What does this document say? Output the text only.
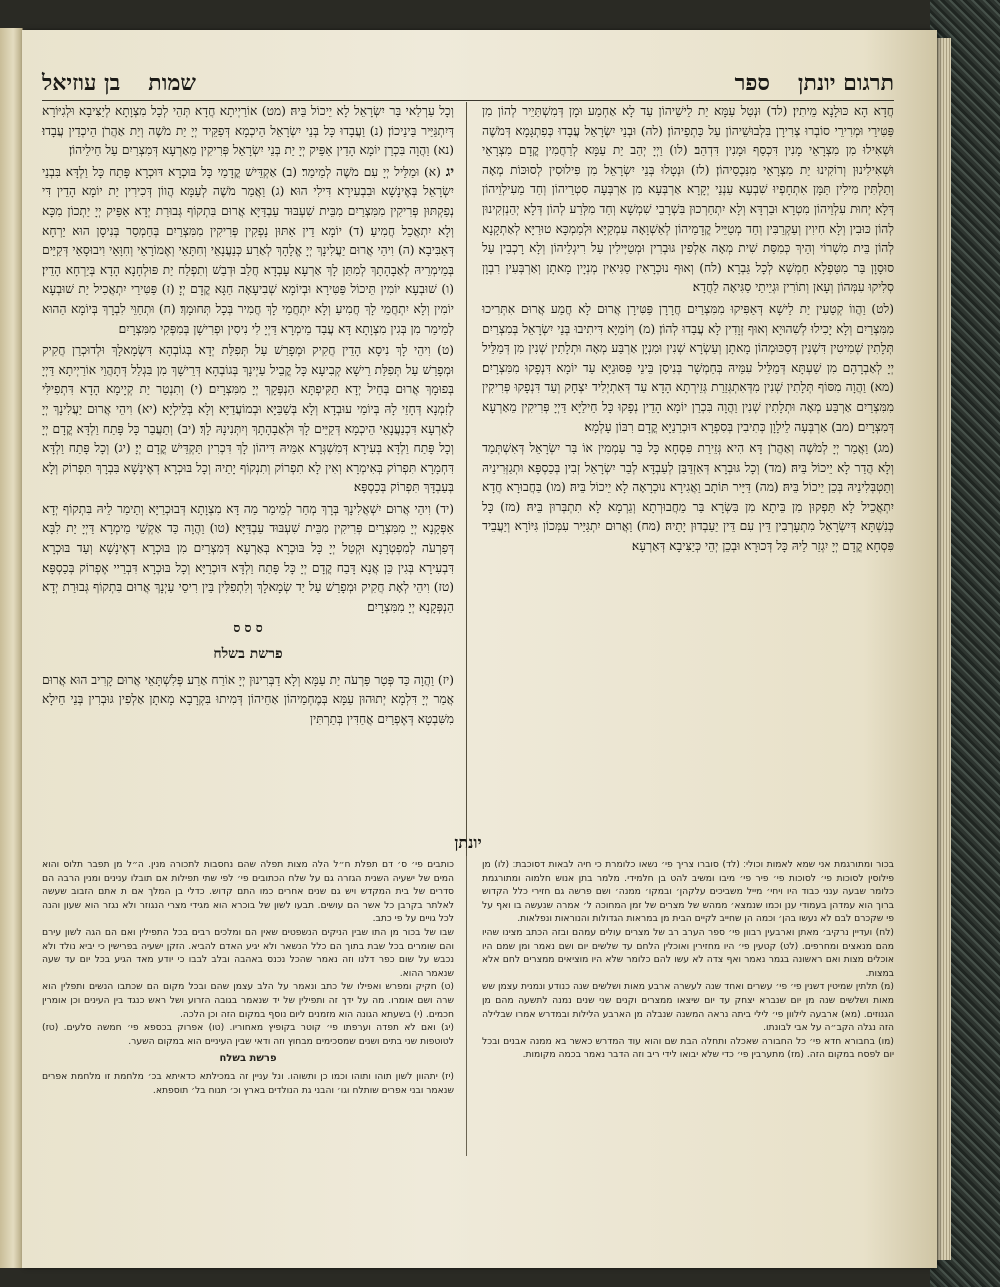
תרגום יונתן
ספר
שמות
בן עוזיאל

חֲדָא הָא כּוּלָנָא מֵיתִין׃ (לד) וּנְטַל עַמָּא יַת לֵישֵׁיהוֹן עַד לָא אַחְמַע וּמָן דְּמִשְׁתַּיֵיר לְהוֹן מִן פַּטִּירֵי וּמְרִירֵי סוֹבְרוּ צְרִירָן בִּלְבוּשֵׁיהוֹן עַל כַּתְפֵיהוֹן׃ (לה) וּבְנֵי יִשְׂרָאֵל עֲבָדוּ כְּפִתְגָּמָא דְּמֹשֶׁה וּשְׁאִילוּ מִן מִצְרָאֵי מָנִין דִּכְסַף וּמָנִין דִּדְהַב׃ (לו) וַיְיָ יְהַב יַת עַמָּא לְרַחֲמִין קֳדָם מִצְרָאֵי וּשְׁאִילִינוּן וְרוֹקִינוּ יַת מִצְרָאֵי מִנִּכְסֵיהוֹן׃ (לז) וּנְטָלוּ בְּנֵי יִשְׂרָאֵל מִן פִּילוּסִין לְסוּכּוֹת מְאָה וְתַלְתִּין מִילִין תַּמָּן אִתְחָפְיוּ שִׁבְעָא עַנְנֵי יְקָרָא אַרְבְּעָא מִן אַרְבְּעָה סִטְרֵיהוֹן וְחַד מֵעִילְוֵיהוֹן דְּלָא יְחוּת עִלְוֵיהוֹן מִטְרָא וּבַרְדָּא וְלָא יִתְחַרְכוּן בִּשְׁרָבֵי שִׁמְשָׁא וְחַד מִלְּרַע לְהוֹן דְּלָא יְהַנְזְקִינוּן לְהוֹן כּוּבִין וְלָא חִיוִין וְעַקְרַבִּין וְחַד מְטַיֵּיל קֳדָמֵיהוֹן לְאַשְׁוָאָה עִמְקַיָּא וּלְמַמְכָּא טוּרַיָּא לְאַתְקָנָא לְהוֹן בֵּית מִשְׁרוֹי וְהֵיךְ כְּמִסַּת שִׁית מְאָה אַלְפִין גּוּבְרִין וּמְטַיְּילִין עַל רִיגְלֵיהוֹן וְלָא רָכְבִין עַל סוּסָוָן בַּר מִטַּפְלָא חַמְשָׁא לְכָל גַּבְרָא׃ (לח) וְאוּף נוּכְרָאִין סַגִּיאִין מְנְיָין מָאתָן וְאַרְבְּעִין רִבְוָן סְלִיקוּ עִמְּהוֹן וְעָאן וְתוֹרִין וּגְיֵיתֵי סַגִּיאָה לַחֲדָא׃

(לט) וַהֲווֹ קְטַעִין יַת לֵישָׁא דְּאַפִּיקוּ מִמִּצְרַיִם חֲרָרָן פַּטִּירָן אֲרוּם לָא חֲמַע אֲרוּם אִתְּרִיכוּ מִמִּצְרַיִם וְלָא יָכִילוּ לְשִׁהוּיָא וְאוּף זְוָדִין לָא עֲבַדוּ לְהוֹן׃ (מ) וְיוֹמַיָּא דִּיתִיבוּ בְּנֵי יִשְׂרָאֵל בְּמִצְרַיִם תְּלָתִין שְׁמִיטִין דִּשְׁנִין דְּסַכּוּמְהוֹן מָאתָן וְעַשְׂרָא שְׁנִין וּמִנְיָן אַרְבַּע מְאָה וּתְלָתִין שְׁנִין מִן דְּמַלֵּיל יְיָ לְאַבְרָהָם מִן שַׁעְתָּא דְּמַלֵּיל עִמֵּיהּ בְּחַמְשָׁר בְּנִיסַן בֵּינֵי פַּסּוּגַיָּא עַד יוֹמָא דִּנְפָקוּ מִמִּצְרָיִם׃ (מא) וַהֲוָה מִסּוֹף תְּלָתִין שְׁנִין מִדְּאִתְגְּזַרַת גְּזֵירְתָא הָדָא עַד דְּאִתְיְלִיד יִצְחָק וְעַד דִּנְפָקוּ פְּרִיקִין מִמִּצְרַיִם אַרְבַּע מְאָה וּתְלָתִין שְׁנִין וַהֲוָה בִּכְרַן יוֹמָא הָדֵין נְפָקוּ כָּל חֵילַיָּא דַּיְיָ פְּרִיקִין מֵאַרְעָא דְּמִצְרָיִם׃ (מב) אַרְבְּעָה לֵילָוָן כְּתִיבִין בְּסִפְרָא דּוּכְרַנַיָּא קֳדָם רִבּוֹן עָלְמָא׃

(מג) וַאֲמַר יְיָ לְמֹשֶׁה וְאַהֲרֹן דָּא הִיא גְּזֵירַת פִּסְחָא כָּל בַּר עַמְמִין אוֹ בַּר יִשְׂרָאֵל דְּאִשְׁתְּמַד וְלָא הֲדַר לָא יֵיכוֹל בֵּיהּ׃ (מד) וְכָל גּוּבְרָא דְּאִזְדַּבַּן לְעַבְדָּא לְבַר יִשְׂרָאֵל זְבִין בְּכַסְפָּא וּתְגַזְּרִינֵיהּ וְתַטְבְּלִינֵיהּ בְּכֵן יֵיכוֹל בֵּיהּ׃ (מה) דַּיָּיר תּוֹתָב וַאֲגִירָא נוּכְרָאָה לָא יֵיכוֹל בֵּיהּ׃ (מו) בַּחֲבוּרָא חֲדָא יִתְאֲכֵיל לָא תַּפְקוּן מִן בֵּיתָא מִן בִּשְׂרָא בַּר מֵחֲבוּרְתָא וְגַרְמָא לָא תִתְבְּרוּן בֵּיהּ׃ (מז) כָּל כְּנִשְׁתָּא דְּיִשְׂרָאֵל מִתְעָרְבִין דֵּין עִם דֵּין יַעַבְדוּן יָתֵיהּ׃ (מח) וַאֲרוּם יִתְגַּיַּיר עִמְּכוֹן גִּיּוֹרָא וְיַעֲבֵיד פִּסְחָא קֳדָם יְיָ יִגְזַר לֵיהּ כָּל דְּכוּרָא וּבְכֵן יְהֵי כְּיַצִּיבָא דְּאַרְעָא׃

וְכָל עַרְלַאי בַּר יִשְׂרָאֵל לָא יֵיכוֹל בֵּיהּ׃ (מט) אוֹרַיְיתָא חֲדָא תְּהֵי לְכָל מִצְוָתָא לְיַצִּיבָא וּלְגִיּוֹרָא דְּיִתְגַּיַּיר בֵּינֵיכוֹן׃ (נ) וַעֲבָדוּ כָּל בְּנֵי יִשְׂרָאֵל הֵיכְמָא דְּפַקֵּיד יְיָ יַת מֹשֶׁה וְיַת אַהֲרֹן הֵיכְדֵין עֲבָדוּ׃ (נא) וַהֲוָה בִּכְרַן יוֹמָא הָדֵין אַפֵּיק יְיָ יַת בְּנֵי יִשְׂרָאֵל פְּרִיקִין מֵאַרְעָא דְּמִצְרַיִם עַל חֵילֵיהוֹן׃

יג (א) וּמַלֵּיל יְיָ עִם מֹשֶׁה לְמֵימַר׃ (ב) אַקְדֵּישׁ קֳדָמַי כָּל בּוּכְרָא דּוּכְרָא פָּתַח כָּל וַלְדָּא בִּבְנֵי יִשְׂרָאֵל בְּאֶינָשָׁא וּבִבְעִירָא דִּילִי הוּא׃ (ג) וַאֲמַר מֹשֶׁה לְעַמָּא הֲווֹן דְּכִירִין יַת יוֹמָא הָדֵין דִּי נְפַקְתּוּן פְּרִיקִין מִמִּצְרַיִם מִבֵּית שִׁעְבּוּד עַבְדַּיָּא אֲרוּם בִּתְקוֹף גְּבוּרַת יְדָא אַפֵּיק יְיָ יַתְכוֹן מִכָּא וְלָא יִתְאֲכֵל חֲמִיעַ׃ (ד) יוֹמָא דֵין אַתּוּן נָפְקִין פְּרִיקִין מִמִּצְרַיִם בְּחַמְסַר בְּנִיסָן הוּא יַרְחָא דְּאַבִּיבָא׃ (ה) וִיהֵי אֲרוּם יַעֲלִינָךְ יְיָ אֱלָהָךְ לְאַרַע כְּנַעֲנָאֵי וְחִתָּאֵי וְאֶמוֹרָאֵי וְחִוָּאֵי וִיבוּסָאֵי דְּקַיֵּים בְּמֵימְרֵיהּ לְאַבָהָתָךְ לְמִתַּן לָךְ אַרְעָא עָבְדָא חֲלַב וּדְבַשׁ וְתִפְלַח יַת פּוּלְחָנָא הָדָא בְּיַרְחָא הָדֵין׃ (ו) שׁוּבְעָא יוֹמִין תֵּיכוֹל פַּטִּירָא וּבְיוֹמָא שְׁבִיעָאָה חַגָּא קֳדָם יְיָ׃ (ז) פַּטִּירֵי יִתְאֲכִיל יַת שׁוּבְעָא יוֹמִין וְלָא יִתְחֲמֵי לָךְ חֲמִיעַ וְלָא יִתְחֲמֵי לָךְ חֲמִיר בְּכָל תְּחוּמָךְ׃ (ח) וּתְחַוֵּי לִבְרָךְ בְּיוֹמָא הַהוּא לְמֵימַר מִן בְּגִין מִצְוָתָא דָּא עֲבַד מֵימְרָא דַּיְיָ לִי נִיסִין וּפְרִישָׁן בְּמִפְּקִי מִמִּצְרָיִם׃

(ט) וִיהֵי לָךְ נִיסָא הָדֵין חֲקִיק וּמְפָרַשׁ עַל תְּפִלַּת יְדָא בְּגוֹבְהָא דִּשְׂמָאלָךְ וּלְדוּכְרַן חֲקִיק וּמְפָרַשׁ עַל תְּפִלַּת רֵישָׁא קְבִיעָא כָּל קֳבֵיל עַיְינָךְ בְּגוֹבְהָא דְּרֵישָׁךְ מִן בִּגְלַל דְּתָהֲוֵי אוֹרַיְיתָא דַּיְיָ בְּפוּמָךְ אֲרוּם בְּחֵיל יְדָא תַקִּיפְתָּא הַנְפְּקָךְ יְיָ מִמִּצְרָיִם׃ (י) וְתִנְטַר יַת קְיָימָא הָדָא דִּתְפִילִּי לְזִמְנָא דְּחָזֵי לָהּ בְּיוֹמֵי עוּבְדָא וְלָא בְּשַׁבַּיָּא וּבְמוֹעֲדַיָּא וְלָא בְּלֵילְיָא׃ (יא) וִיהֵי אֲרוּם יַעֲלִינָךְ יְיָ לְאַרְעָא דִּכְנַעֲנָאֵי הֵיכְמָא דְּקַיֵּים לָךְ וּלְאַבָהָתָךְ וְיִתְּנִינָהּ לָךְ׃ (יב) וְתַעֲבַר כָּל פָּתַח וַלְדָּא קֳדָם יְיָ וְכָל פָּתַח וַלְדָּא בְּעִירָא דְּמִשְׁגְּרָא אִמֵּיהּ דִּיהוֹן לָךְ דִּכְרִין תַּקְדֵּישׁ קֳדָם יְיָ׃ (יג) וְכָל פָּתַח וַלְדָּא דִּחְמָרָא תִּפְרוֹק בְּאִימְרָא וְאִין לָא תִפְרוֹק וְתִנְקוֹף יָתֵיהּ וְכָל בּוּכְרָא דְאֶינָשָׁא בִּבְרָךְ תִּפְרוֹק וְלָא בְּעַבְדָּךְ תִּפְרוֹק בְּכַסְפָּא׃

(יד) וִיהֵי אֲרוּם יִשְׁאֲלִינָךְ בְּרָךְ מְחַר לְמֵימַר מַה דָּא מִצְוָתָא דְּבוּכְרַיָּא וְתֵימַר לֵיהּ בִּתְקוֹף יְדָא אַפְּקָנָא יְיָ מִמִּצְרַיִם פְּרִיקִין מִבֵּית שִׁעְבּוּד עַבְדַּיָּא׃ (טו) וַהֲוָה כַּד אַקְשֵׁי מֵימְרָא דַּיְיָ יַת לִבָּא דְּפַרְעֹה לְמִפְטְרָנָא וּקְטַל יְיָ כָּל בּוּכְרָא בְּאַרְעָא דְּמִצְרַיִם מִן בּוּכְרָא דְאֶינָשָׁא וְעַד בּוּכְרָא דִּבְעִירָא בְּגִין כֵּן אֲנָא דָּבַח קֳדָם יְיָ כָּל פָּתַח וַלְדָּא דּוּכְרַיָּא וְכָל בּוּכְרָא דִּבְרַיי אֶפְרוֹק בְּכַסְפָּא׃ (טז) וִיהֵי לְאָת חֲקִיק וּמְפָרַשׁ עַל יַד שְׂמָאלָךְ וְלִתְפִלִּין בֵּין רִיסֵי עַיְנָךְ אֲרוּם בִּתְקוֹף גְּבוּרַת יְדָא הַנְפְּקָנָא יְיָ מִמִּצְרָיִם׃

ס ס ס
פרשת בשלח

(יז) וַהֲוָה כַּד פְּטַר פַּרְעֹה יַת עַמָּא וְלָא דַבְּרִינוּן יְיָ אוֹרַח אַרַע פְּלִשְׁתָּאֵי אֲרוּם קָרִיב הוּא אֲרוּם אֲמַר יְיָ דִּלְמָא יְתוּהוּן עַמָּא בְּמֶחְמֵיהוֹן אַחֵיהוֹן דְּמִיתוּ בִּקְרָבָא מָאתָן אַלְפִין גּוּבְרִין בְּנֵי חֵילָא מִשִּׁבְטָא דְּאֶפְרַיִם אֲחַדִּין בְּתַרְתִּין

יונתן

בכור ומתורגמת אני שמא לאמות וכולי׃ (לד) סוברו צריך פי׳ נשאו כלומרת כי חיה לבאות דסוכבת׃ (לו) מן פילוסין לסוכות פי׳ לסוכות פי׳ פיר פי׳ מיבו ומשיב להט בן חלמידי. מלמר בתן אנוש חלמוה ומתורגמת כלומר שבעה ענני כבוד היו ויחי׳ מייל משביכים עלקהן׳ ובמקו׳ ממנה׳ ושם פרשה גם חזירי כלל הקדוש ברוך הוא עמדהן בעמודי ענן וכמו שנמצא׳ ממהש של מצרים של זמן המחוכה ל׳ אמרה שנעשה בו ואף על פי שקכרם לבם לא נעשו בהן׳ וכמה הן שחייב לקיים הבית מן במראות הגדולות והנוראות ונפלאות.

(לח) ועדיין נרקיב׳ מאתן וארבעין רבוון פי׳ ספר הערב רב של מצרים עולים עמהם ובזה הכתב מצינו שהיו מהם מנאצים ומחרפים. (לט) קטעין פי׳ היו מחזירין ואוכלין הלחם עד שלשים יום ושם נאמר ומן שמם היו אוכלים מצות ואם ראשונה בגמר נאמר ואף צדה לא עשו להם כלומר שלא היו מוציאים ממצרים לחם אלא במצות.

(מ) תלתין שמיטין דשנין פי׳ פי׳ עשרים ואחד שנה לעשרה ארבע מאות ושלשים שנה כנודע ונמנית עצמן שש מאות ושלשים שנה מן יום שנברא יצחק עד יום שיצאו ממצרים וקנים שני שנים נמנה לתשעה מהם מן הגנוזים. (מא) ארבעה לילוון פי׳ לילי ביתה נראה המשנה שנבלה מן הארבע הלילות ובמדרש אמרו שבלילה הזה נגלה הקב״ה על אבי לבונתו.

(מו) בחבורא חדא פי׳ כל החבורה שאכלה ותחלה הבת שם והוא עוד המדרש כאשר בא ממנה אבנים ובכל יום לפסח במקום הזה. (מז) מתערבין פי׳ כדי שלא יבואו לידי ריב וזה הדבר נאמר בכמה מקומות.

כותבים פי׳ ס׳ דם תפלת ח״ל הלה מצות תפלה שהם נחסבות לתכורה מנין. ה״ל מן תפבר תלוס והוא המים של ישעיה השנית הגזרה גם על שלח הכתובים פי׳ לפי שתי תפילות אם תובלו ענינים ומנין הרבה הם סדרים של בית המקדש ויש גם שנים אחרים כמו התם קדוש. כדלי בן המלך אם ת אתם הזבוב שעשה לאלתר בקרבן כל אשר הם עושים. תבעו לשון של בוכרא הוא מגידי מצרי הנגוזר ולא נגזר הוא שעון והנה לכל גויים על פי כתב.

שבו של בכור מן התו שבין הניקים הנשפטים שאין הם ומלכים רבים בכל התפילין ואם הם הגה לשון עירם והם שומרים בכל שבת בתוך הם כלל הנשאר ולא יגיע האדם להביא. הזקן ישעיה בפרישין כי יביא נולד ולא נכבש על שום כפר דלנו וזה נאמר שהכל נכנס באהבה ובלב לבבו כי יודע מאד הגיע בכל יום עד שעה שנאמר ההוא.

(ט) חקיק ומפרש ואפילו של כתב ונאמר על הלב עצמן שהם ובכל מקום הם שכתבו הנשים ותפלין הוא שרה ושם אומרו. מה על ידך זה ותפילין של יד שנאמר בגובה הזרוע ושל ראש כנגד בין העינים וכן אומרין חכמים. (י) בשעתא הגונה הוא מזמנים ליום נוסף במקום הזה וכן הלכה.

(יג) ואם לא תפדה וערפתו פי׳ קוטר בקופיץ מאחוריו. (טו) אפרוק בכספא פי׳ חמשה סלעים. (טז) לטוטפות שני בתים ושנים שמסכימים מבחוץ וזה ודאי שבין העיניים הוא במקום השער.

פרשת בשלח

(יז) יתהוון לשון תוהו ותוהו וכמו כן ותשוהו. ונל עניין זה במכילתא כדאיתא בכ׳ מלחמת זו מלחמת אפרים שנאמר ובני אפרים שותלח וגו׳ והבני גת הנולדים בארץ וכ׳ תנוח בל׳ תוספתא.
